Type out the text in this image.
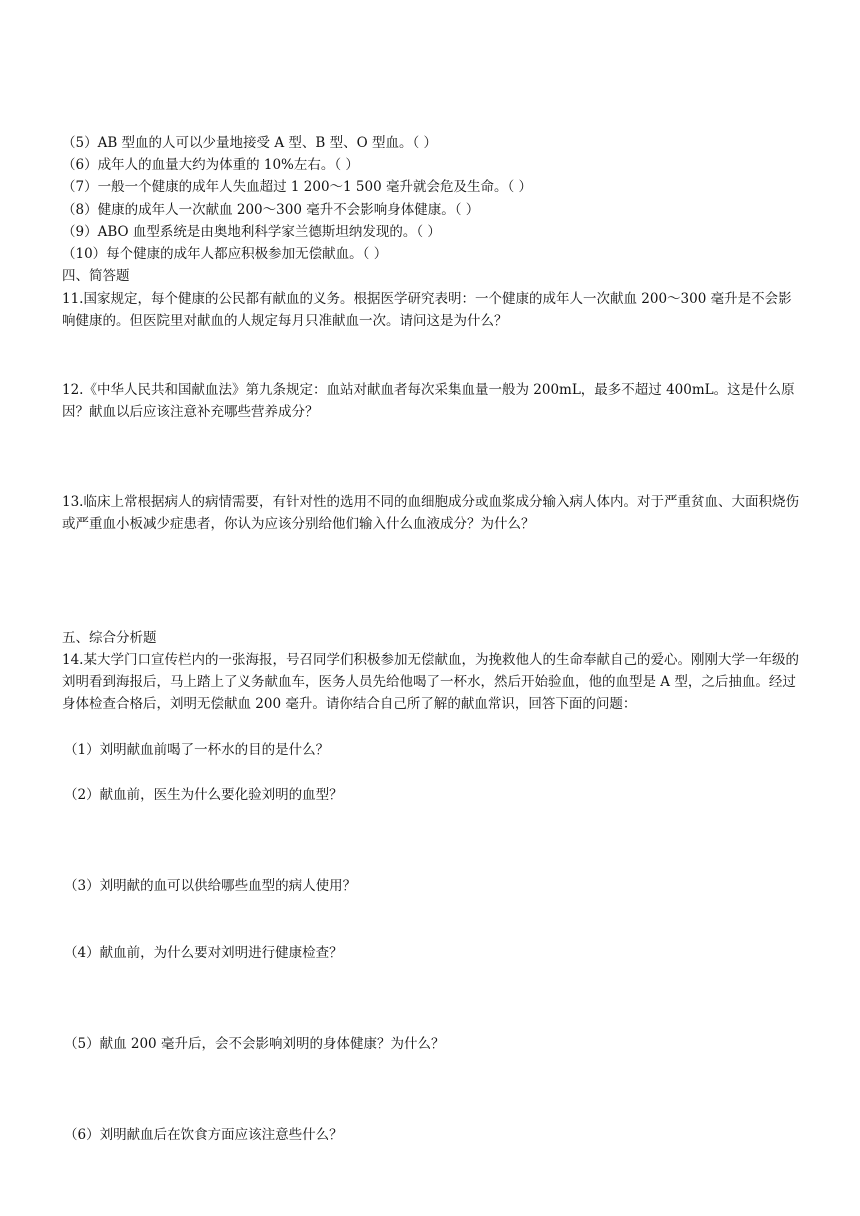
（5）AB 型血的人可以少量地接受 A 型、B 型、O 型血。（ ）
（6）成年人的血量大约为体重的 10%左右。（ ）
（7）一般一个健康的成年人失血超过 1 200～1 500 毫升就会危及生命。（ ）
（8）健康的成年人一次献血 200～300 毫升不会影响身体健康。（ ）
（9）ABO 血型系统是由奥地利科学家兰德斯坦纳发现的。（ ）
（10）每个健康的成年人都应积极参加无偿献血。（ ）
四、简答题
11.国家规定，每个健康的公民都有献血的义务。根据医学研究表明：一个健康的成年人一次献血 200～300 毫升是不会影响健康的。但医院里对献血的人规定每月只准献血一次。请问这是为什么？
12.《中华人民共和国献血法》第九条规定：血站对献血者每次采集血量一般为 200mL，最多不超过 400mL。这是什么原因？献血以后应该注意补充哪些营养成分？
13.临床上常根据病人的病情需要，有针对性的选用不同的血细胞成分或血浆成分输入病人体内。对于严重贫血、大面积烧伤或严重血小板减少症患者，你认为应该分别给他们输入什么血液成分？为什么？
五、综合分析题
14.某大学门口宣传栏内的一张海报，号召同学们积极参加无偿献血，为挽救他人的生命奉献自己的爱心。刚刚大学一年级的刘明看到海报后，马上踏上了义务献血车，医务人员先给他喝了一杯水，然后开始验血，他的血型是 A 型，之后抽血。经过身体检查合格后，刘明无偿献血 200 毫升。请你结合自己所了解的献血常识，回答下面的问题：
（1）刘明献血前喝了一杯水的目的是什么？
（2）献血前，医生为什么要化验刘明的血型？
（3）刘明献的血可以供给哪些血型的病人使用？
（4）献血前，为什么要对刘明进行健康检查？
（5）献血 200 毫升后，会不会影响刘明的身体健康？为什么？
（6）刘明献血后在饮食方面应该注意些什么？
